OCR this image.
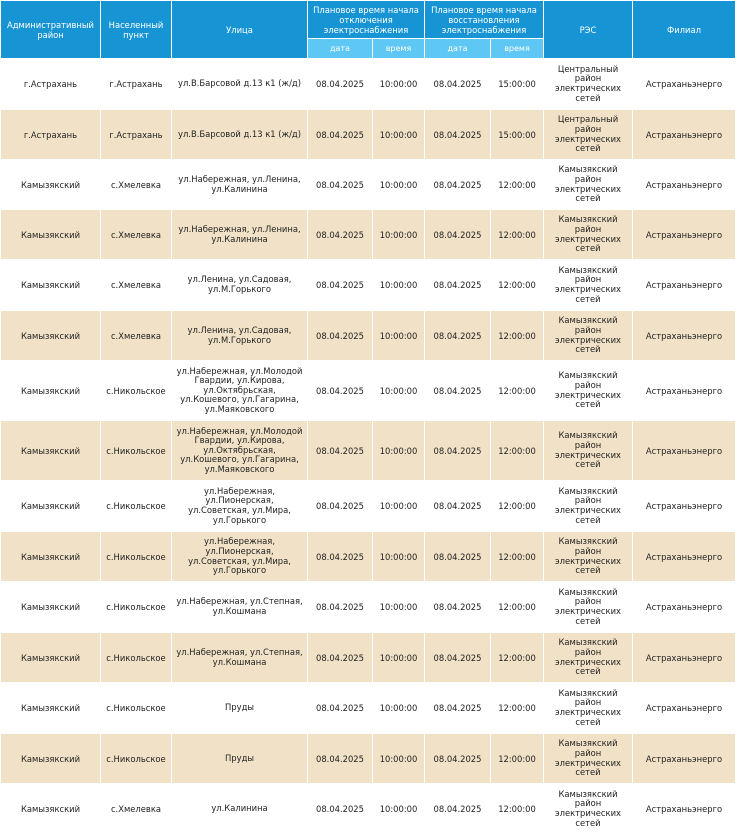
Административный район	Населенный пункт	Улица	Плановое время начала отключения электроснабжения		Плановое время начала восстановления электроснабжения		РЭС	Филиал
			дата	время	дата	время		
г.Астрахань	г.Астрахань	ул.В.Барсовой д.13 к1 (ж/д)	08.04.2025	10:00:00	08.04.2025	15:00:00	Центральный район электрических сетей	Астраханьэнерго
г.Астрахань	г.Астрахань	ул.В.Барсовой д.13 к1 (ж/д)	08.04.2025	10:00:00	08.04.2025	15:00:00	Центральный район электрических сетей	Астраханьэнерго
Камызякский	с.Хмелевка	ул.Набережная, ул.Ленина, ул.Калинина	08.04.2025	10:00:00	08.04.2025	12:00:00	Камызякский район электрических сетей	Астраханьэнерго
Камызякский	с.Хмелевка	ул.Набережная, ул.Ленина, ул.Калинина	08.04.2025	10:00:00	08.04.2025	12:00:00	Камызякский район электрических сетей	Астраханьэнерго
Камызякский	с.Хмелевка	ул.Ленина, ул.Садовая, ул.М.Горького	08.04.2025	10:00:00	08.04.2025	12:00:00	Камызякский район электрических сетей	Астраханьэнерго
Камызякский	с.Хмелевка	ул.Ленина, ул.Садовая, ул.М.Горького	08.04.2025	10:00:00	08.04.2025	12:00:00	Камызякский район электрических сетей	Астраханьэнерго
Камызякский	с.Никольское	ул.Набережная, ул.Молодой Гвардии, ул.Кирова, ул.Октябрьская, ул.Кошевого, ул.Гагарина, ул.Маяковского	08.04.2025	10:00:00	08.04.2025	12:00:00	Камызякский район электрических сетей	Астраханьэнерго
Камызякский	с.Никольское	ул.Набережная, ул.Молодой Гвардии, ул.Кирова, ул.Октябрьская, ул.Кошевого, ул.Гагарина, ул.Маяковского	08.04.2025	10:00:00	08.04.2025	12:00:00	Камызякский район электрических сетей	Астраханьэнерго
Камызякский	с.Никольское	ул.Набережная, ул.Пионерская, ул.Советская, ул.Мира, ул.Горького	08.04.2025	10:00:00	08.04.2025	12:00:00	Камызякский район электрических сетей	Астраханьэнерго
Камызякский	с.Никольское	ул.Набережная, ул.Пионерская, ул.Советская, ул.Мира, ул.Горького	08.04.2025	10:00:00	08.04.2025	12:00:00	Камызякский район электрических сетей	Астраханьэнерго
Камызякский	с.Никольское	ул.Набережная, ул.Степная, ул.Кошмана	08.04.2025	10:00:00	08.04.2025	12:00:00	Камызякский район электрических сетей	Астраханьэнерго
Камызякский	с.Никольское	ул.Набережная, ул.Степная, ул.Кошмана	08.04.2025	10:00:00	08.04.2025	12:00:00	Камызякский район электрических сетей	Астраханьэнерго
Камызякский	с.Никольское	Пруды	08.04.2025	10:00:00	08.04.2025	12:00:00	Камызякский район электрических сетей	Астраханьэнерго
Камызякский	с.Никольское	Пруды	08.04.2025	10:00:00	08.04.2025	12:00:00	Камызякский район электрических сетей	Астраханьэнерго
Камызякский	с.Хмелевка	ул.Калинина	08.04.2025	10:00:00	08.04.2025	12:00:00	Камызякский район электрических сетей	Астраханьэнерго
